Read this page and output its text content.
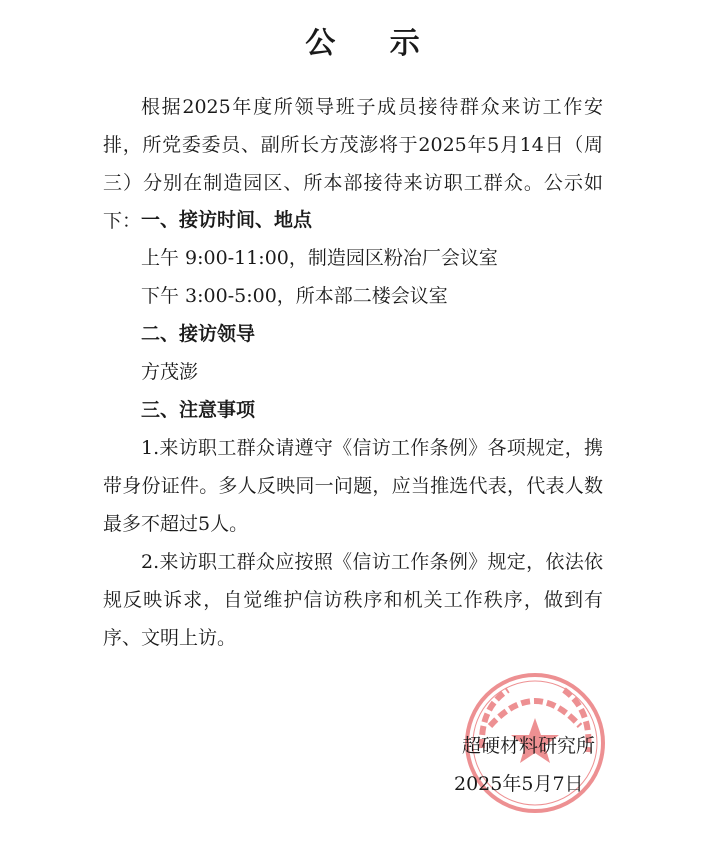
公 示
根据2025年度所领导班子成员接待群众来访工作安排，所党委委员、副所长方茂澎将于2025年5月14日（周三）分别在制造园区、所本部接待来访职工群众。公示如下： 一、接访时间、地点
上午 9:00-11:00，制造园区粉冶厂会议室
下午 3:00-5:00，所本部二楼会议室
二、接访领导
方茂澎
三、注意事项
1.来访职工群众请遵守《信访工作条例》各项规定，携带身份证件。多人反映同一问题，应当推选代表，代表人数最多不超过5人。
2.来访职工群众应按照《信访工作条例》规定，依法依规反映诉求，自觉维护信访秩序和机关工作秩序，做到有序、文明上访。
超硬材料研究所
2025年5月7日
